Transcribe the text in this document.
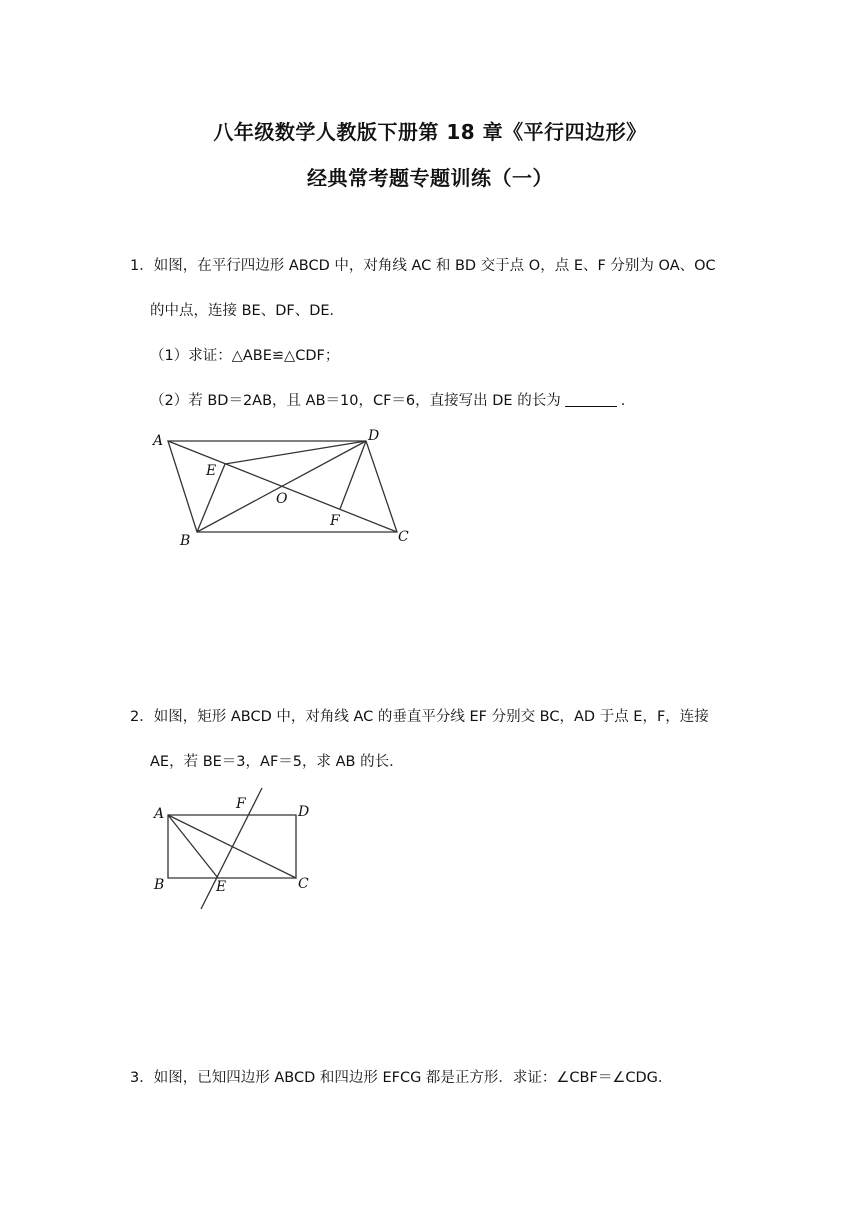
八年级数学人教版下册第 18 章《平行四边形》
经典常考题专题训练（一）
1．如图，在平行四边形 ABCD 中，对角线 AC 和 BD 交于点 O，点 E、F 分别为 OA、OC
的中点，连接 BE、DF、DE．
（1）求证：△ABE≌△CDF；
（2）若 BD＝2AB，且 AB＝10，CF＝6，直接写出 DE 的长为	．
A	D
E
O
F
B	C
2．如图，矩形 ABCD 中，对角线 AC 的垂直平分线 EF 分别交 BC，AD 于点 E，F，连接
AE，若 BE＝3，AF＝5，求 AB 的长．
A
F	D
B	E	C
3．如图，已知四边形 ABCD 和四边形 EFCG 都是正方形．求证：∠CBF＝∠CDG．
